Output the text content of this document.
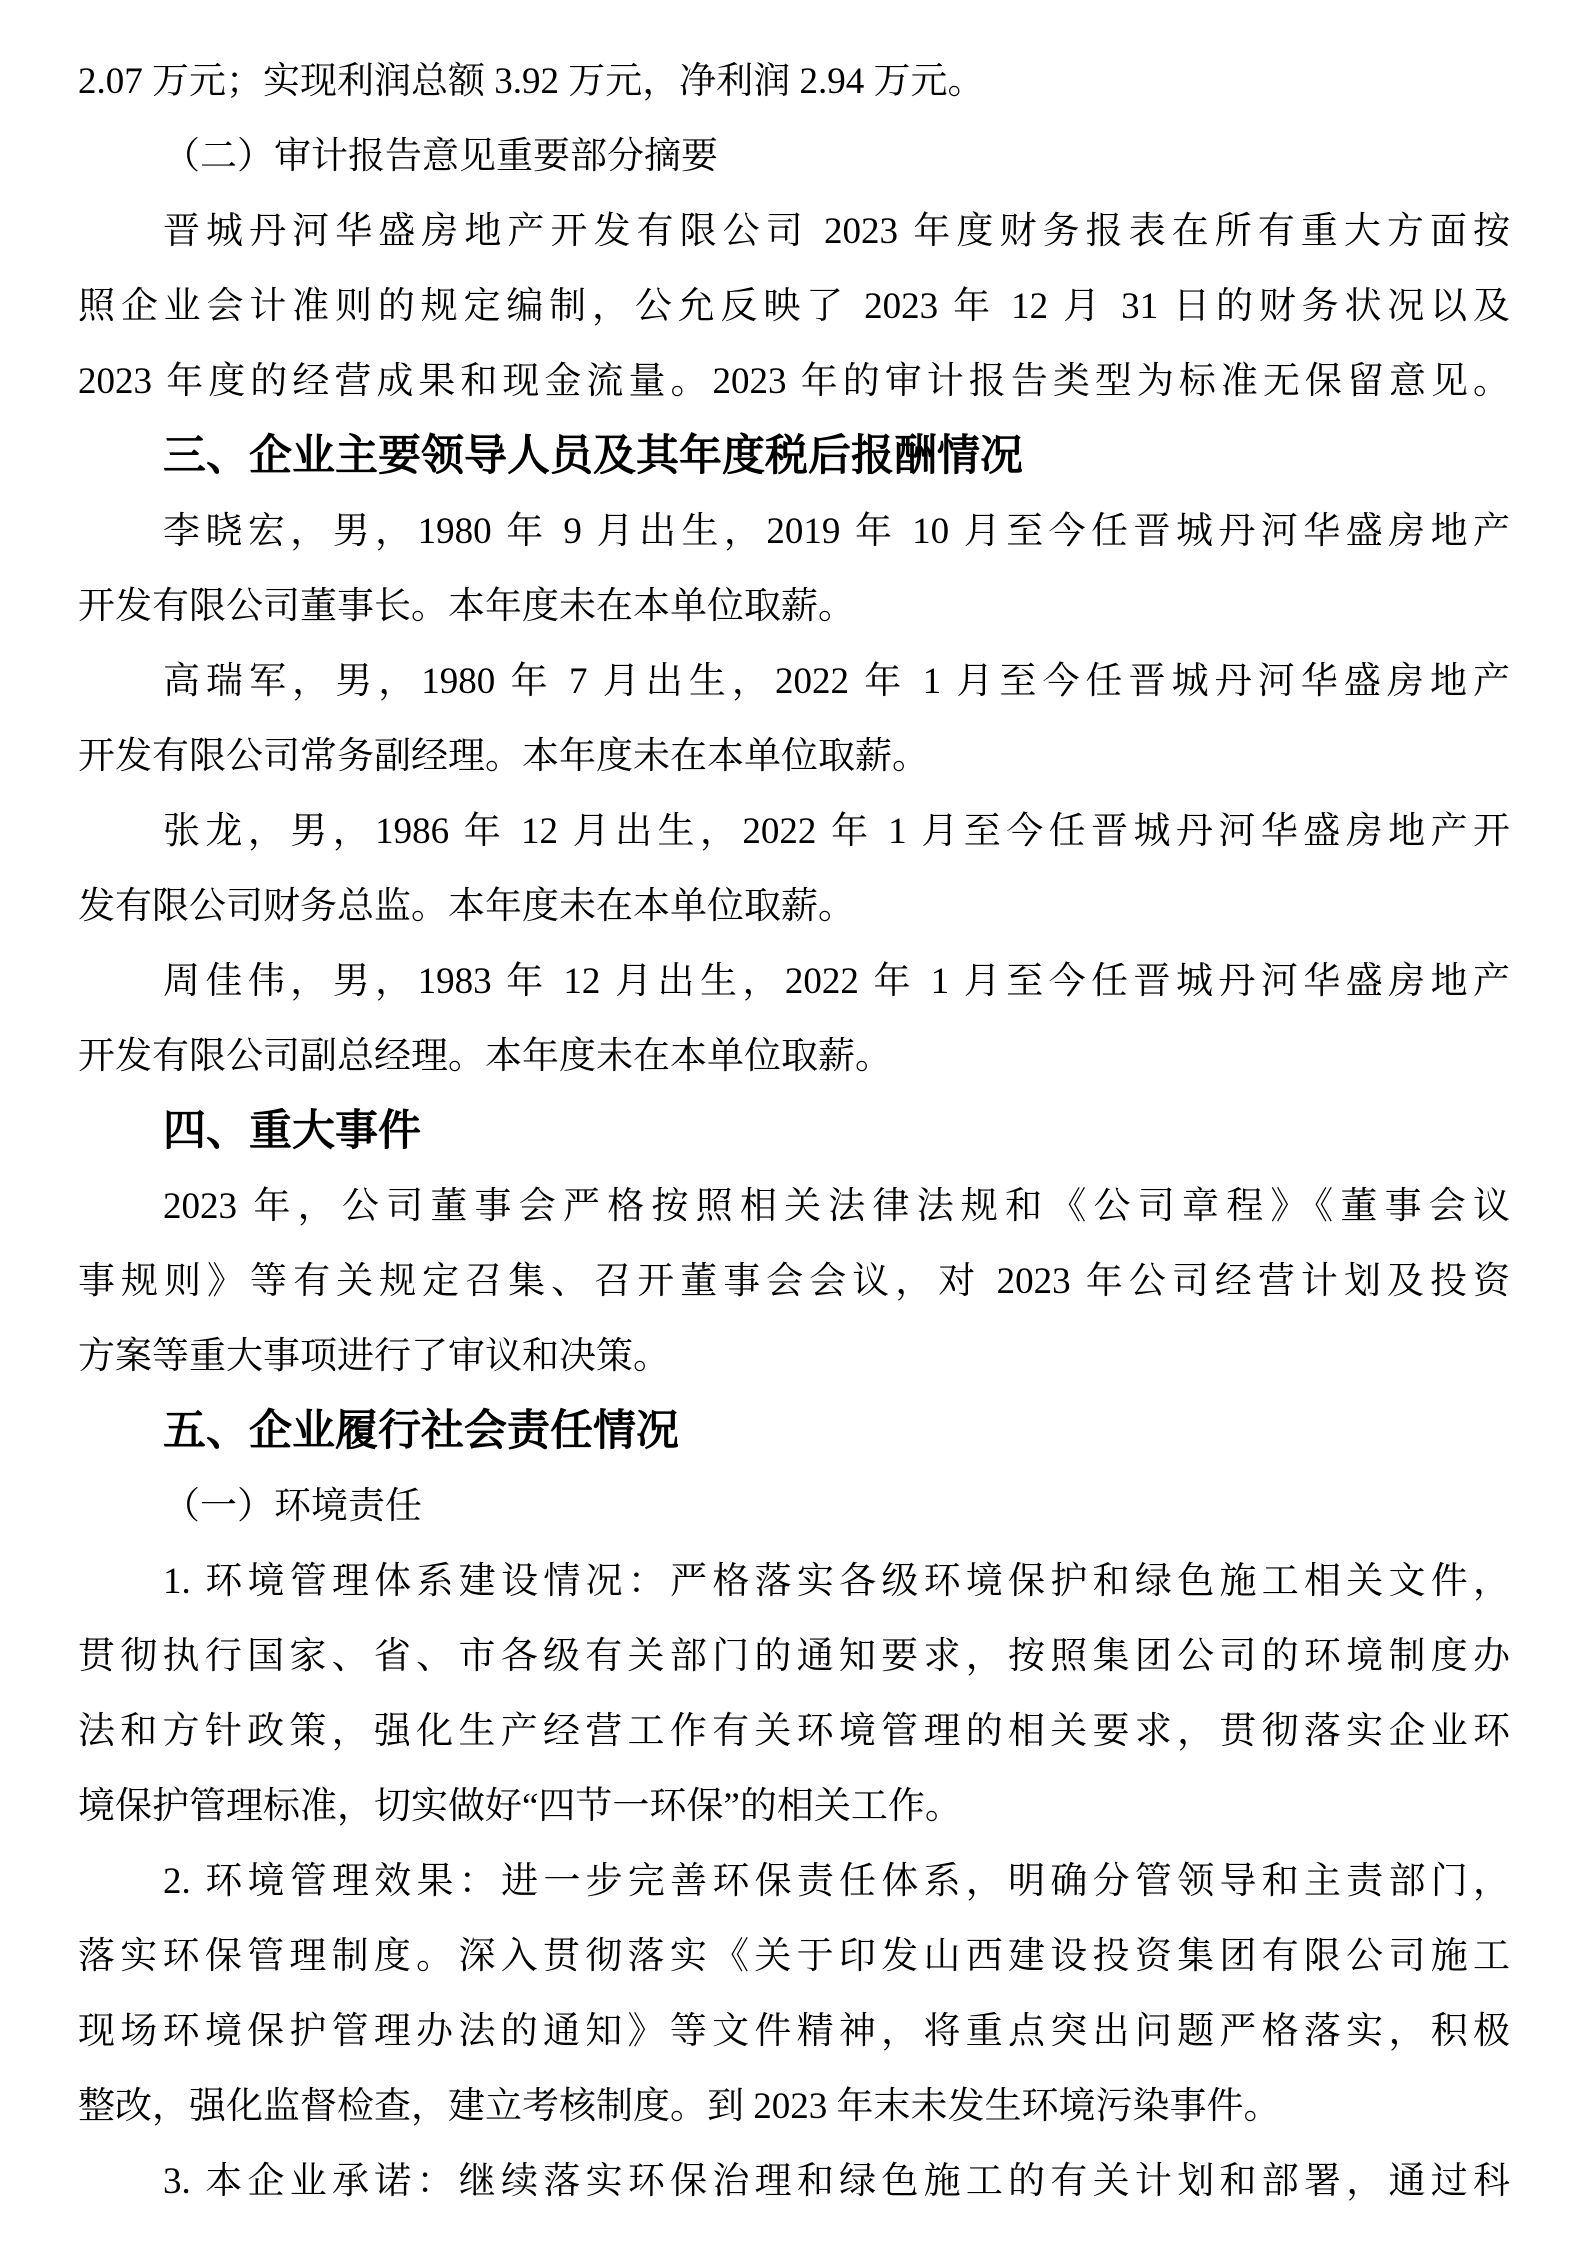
2.07 万元；实现利润总额 3.92 万元，净利润 2.94 万元。
（二）审计报告意见重要部分摘要
晋城丹河华盛房地产开发有限公司 2023 年度财务报表在所有重大方面按
照企业会计准则的规定编制，公允反映了 2023 年 12 月 31 日的财务状况以及
2023 年度的经营成果和现金流量。2023 年的审计报告类型为标准无保留意见。
三、企业主要领导人员及其年度税后报酬情况
李晓宏，男，1980 年 9 月出生，2019 年 10 月至今任晋城丹河华盛房地产
开发有限公司董事长。本年度未在本单位取薪。
高瑞军，男，1980 年 7 月出生，2022 年 1 月至今任晋城丹河华盛房地产
开发有限公司常务副经理。本年度未在本单位取薪。
张龙，男，1986 年 12 月出生，2022 年 1 月至今任晋城丹河华盛房地产开
发有限公司财务总监。本年度未在本单位取薪。
周佳伟，男，1983 年 12 月出生，2022 年 1 月至今任晋城丹河华盛房地产
开发有限公司副总经理。本年度未在本单位取薪。
四、重大事件
2023 年，公司董事会严格按照相关法律法规和《公司章程》《董事会议
事规则》等有关规定召集、召开董事会会议，对 2023 年公司经营计划及投资
方案等重大事项进行了审议和决策。
五、企业履行社会责任情况
（一）环境责任
1. 环境管理体系建设情况：严格落实各级环境保护和绿色施工相关文件，
贯彻执行国家、省、市各级有关部门的通知要求，按照集团公司的环境制度办
法和方针政策，强化生产经营工作有关环境管理的相关要求，贯彻落实企业环
境保护管理标准，切实做好“四节一环保”的相关工作。
2. 环境管理效果：进一步完善环保责任体系，明确分管领导和主责部门，
落实环保管理制度。深入贯彻落实《关于印发山西建设投资集团有限公司施工
现场环境保护管理办法的通知》等文件精神，将重点突出问题严格落实，积极
整改，强化监督检查，建立考核制度。到 2023 年末未发生环境污染事件。
3. 本企业承诺：继续落实环保治理和绿色施工的有关计划和部署，通过科
